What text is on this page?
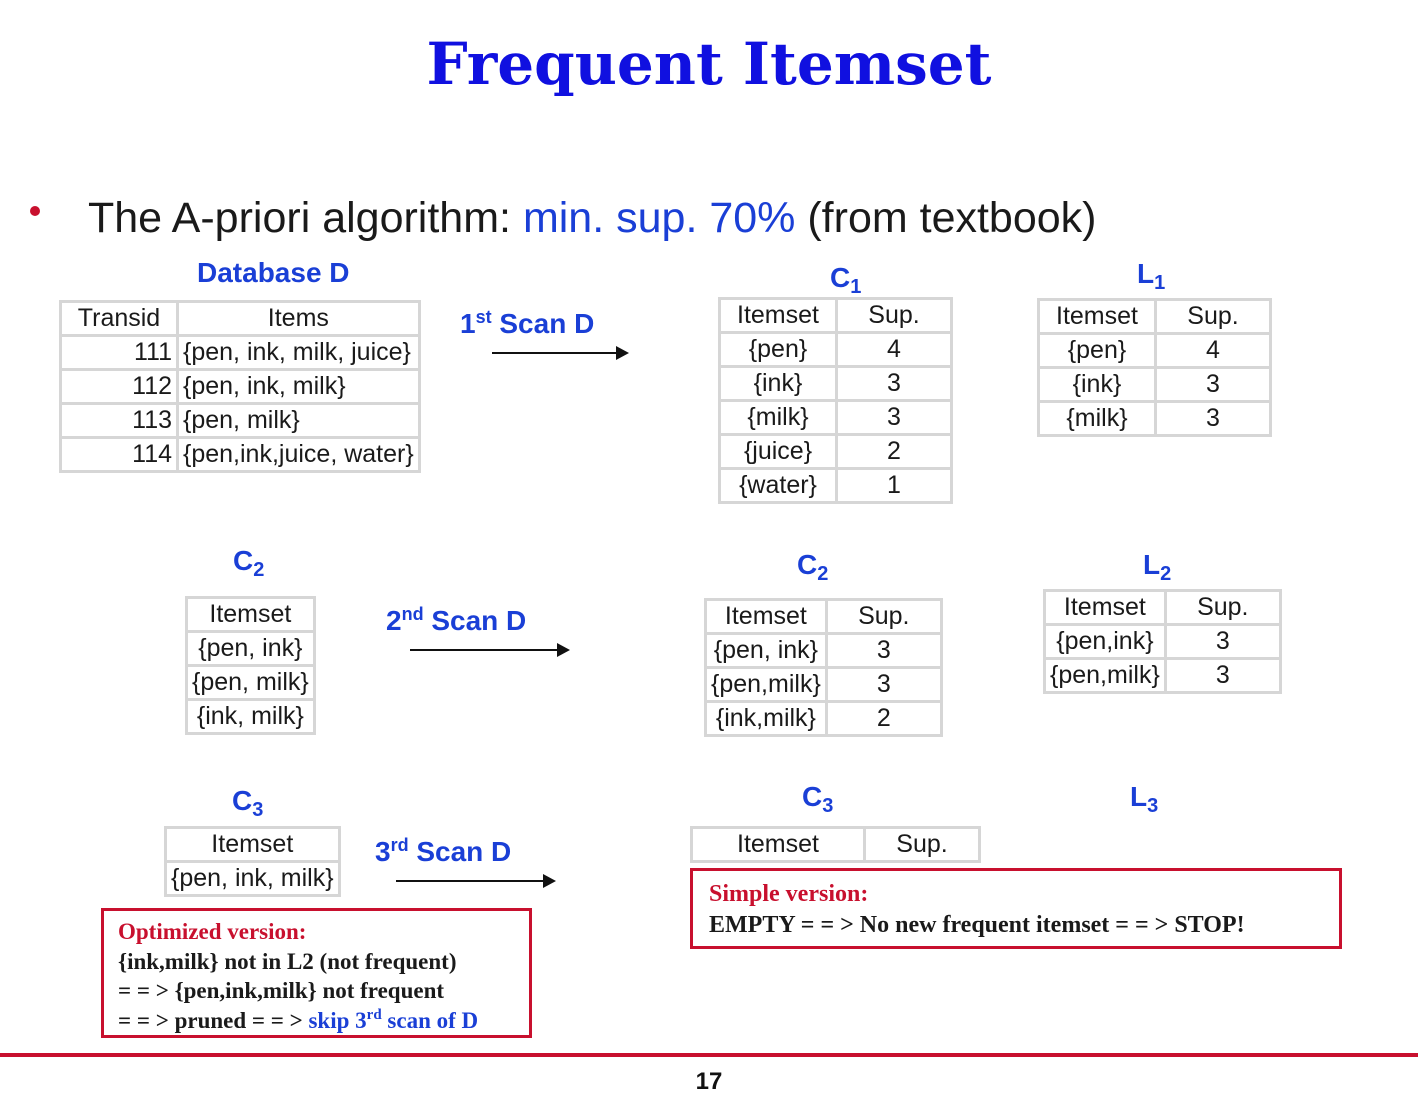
Frequent Itemset
The A-priori algorithm: min. sup. 70% (from textbook)
Database D
Transid	Items
111	{pen, ink, milk, juice}
112	{pen, ink, milk}
113	{pen, milk}
114	{pen,ink,juice, water}
1st Scan D
$C_1$
Itemset	Sup.
{pen}	4
{ink}	3
{milk}	3
{juice}	2
{water}	1
$L_1$
Itemset	Sup.
{pen}	4
{ink}	3
{milk}	3
$C_2$
Itemset
{pen, ink}
{pen, milk}
{ink, milk}
2nd Scan D
$C_2$
Itemset	Sup.
{pen, ink}	3
{pen,milk}	3
{ink,milk}	2
$L_2$
Itemset	Sup.
{pen,ink}	3
{pen,milk}	3
$C_3$
Itemset
{pen, ink, milk}
3rd Scan D
$C_3$
Itemset	Sup.
$L_3$
Optimized version:
{ink,milk} not in L2 (not frequent)
= = > {pen,ink,milk} not frequent
= = > pruned = = > skip 3rd scan of D
Simple version:
EMPTY = = > No new frequent itemset = = > STOP!
17
